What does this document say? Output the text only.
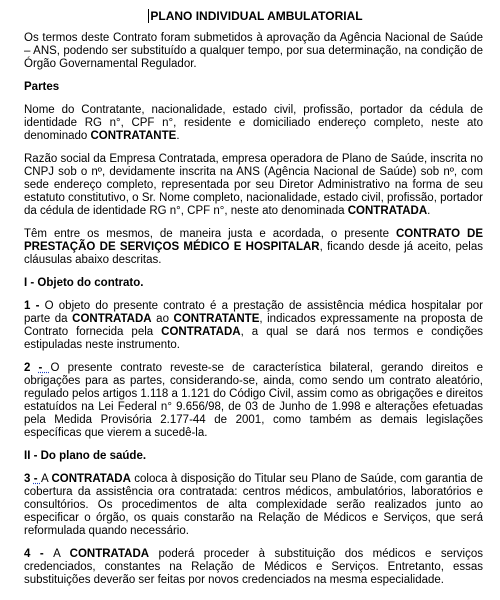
PLANO INDIVIDUAL AMBULATORIAL

Os termos deste Contrato foram submetidos à aprovação da Agência Nacional de Saúde – ANS, podendo ser substituído a qualquer tempo, por sua determinação, na condição de Órgão Governamental Regulador.

Partes

Nome do Contratante, nacionalidade, estado civil, profissão, portador da cédula de identidade RG n°, CPF n°, residente e domiciliado endereço completo, neste ato denominado CONTRATANTE.

Razão social da Empresa Contratada, empresa operadora de Plano de Saúde, inscrita no CNPJ sob o nº, devidamente inscrita na ANS (Agência Nacional de Saúde) sob nº, com sede endereço completo, representada por seu Diretor Administrativo na forma de seu estatuto constitutivo, o Sr. Nome completo, nacionalidade, estado civil, profissão, portador da cédula de identidade RG n°, CPF n°, neste ato denominada CONTRATADA.

Têm entre os mesmos, de maneira justa e acordada, o presente CONTRATO DE PRESTAÇÃO DE SERVIÇOS MÉDICO E HOSPITALAR, ficando desde já aceito, pelas cláusulas abaixo descritas.

I - Objeto do contrato.

1 - O objeto do presente contrato é a prestação de assistência médica hospitalar por parte da CONTRATADA ao CONTRATANTE, indicados expressamente na proposta de Contrato fornecida pela CONTRATADA, a qual se dará nos termos e condições estipuladas neste instrumento.

2 - O presente contrato reveste-se de característica bilateral, gerando direitos e obrigações para as partes, considerando-se, ainda, como sendo um contrato aleatório, regulado pelos artigos 1.118 a 1.121 do Código Civil, assim como as obrigações e direitos estatuídos na Lei Federal n° 9.656/98, de 03 de Junho de 1.998 e alterações efetuadas pela Medida Provisória 2.177-44 de 2001, como também as demais legislações específicas que vierem a sucedê-la.

II - Do plano de saúde.

3 - A CONTRATADA coloca à disposição do Titular seu Plano de Saúde, com garantia de cobertura da assistência ora contratada: centros médicos, ambulatórios, laboratórios e consultórios. Os procedimentos de alta complexidade serão realizados junto ao especificar o órgão, os quais constarão na Relação de Médicos e Serviços, que será reformulada quando necessário.

4 - A CONTRATADA poderá proceder à substituição dos médicos e serviços credenciados, constantes na Relação de Médicos e Serviços. Entretanto, essas substituições deverão ser feitas por novos credenciados na mesma especialidade.
